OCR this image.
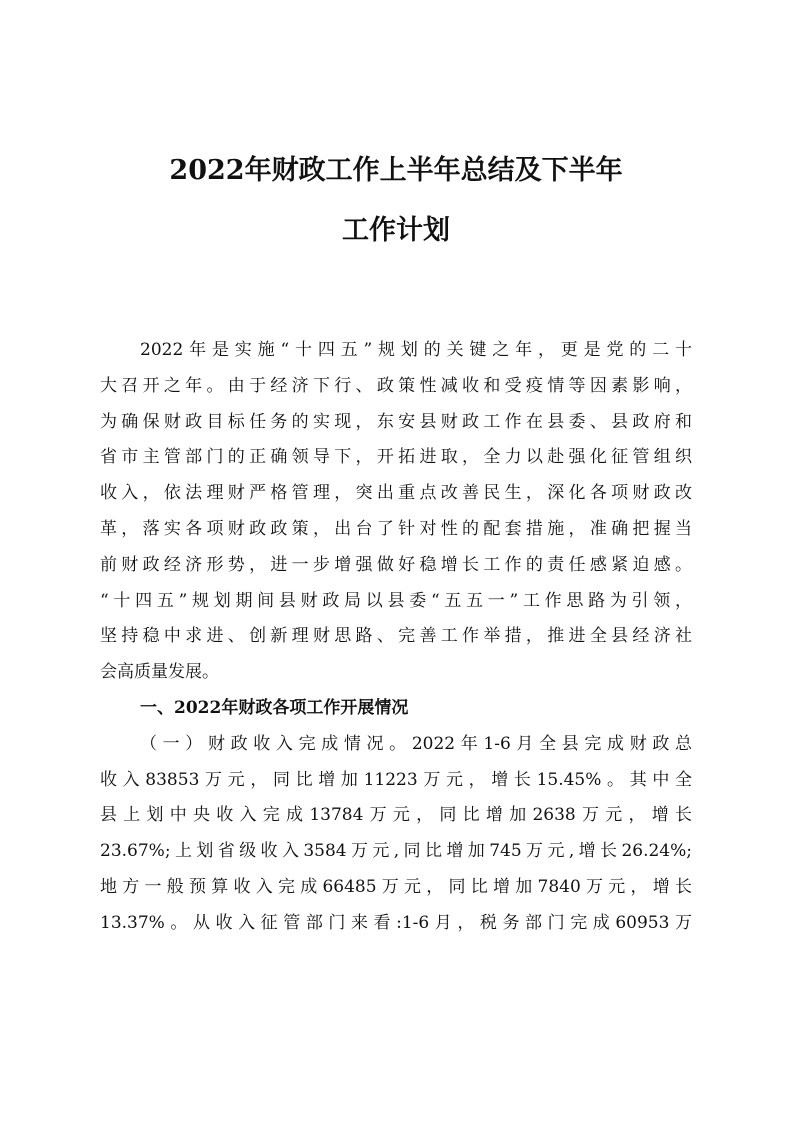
2022年财政工作上半年总结及下半年
工作计划
2022年是实施“十四五”规划的关键之年，更是党的二十
大召开之年。由于经济下行、政策性减收和受疫情等因素影响，
为确保财政目标任务的实现，东安县财政工作在县委、县政府和
省市主管部门的正确领导下，开拓进取，全力以赴强化征管组织
收入，依法理财严格管理，突出重点改善民生，深化各项财政改
革，落实各项财政政策，出台了针对性的配套措施，准确把握当
前财政经济形势，进一步增强做好稳增长工作的责任感紧迫感。
“十四五”规划期间县财政局以县委“五五一”工作思路为引领，
坚持稳中求进、创新理财思路、完善工作举措，推进全县经济社
会高质量发展。
一、2022年财政各项工作开展情况
（一）财政收入完成情况。2022年1-6月全县完成财政总
收入83853万元，同比增加11223万元，增长15.45%。其中全
县上划中央收入完成13784万元，同比增加2638万元，增长
23.67%;上划省级收入3584万元,同比增加745万元,增长26.24%;
地方一般预算收入完成66485万元，同比增加7840万元，增长
13.37%。从收入征管部门来看:1-6月，税务部门完成60953万
